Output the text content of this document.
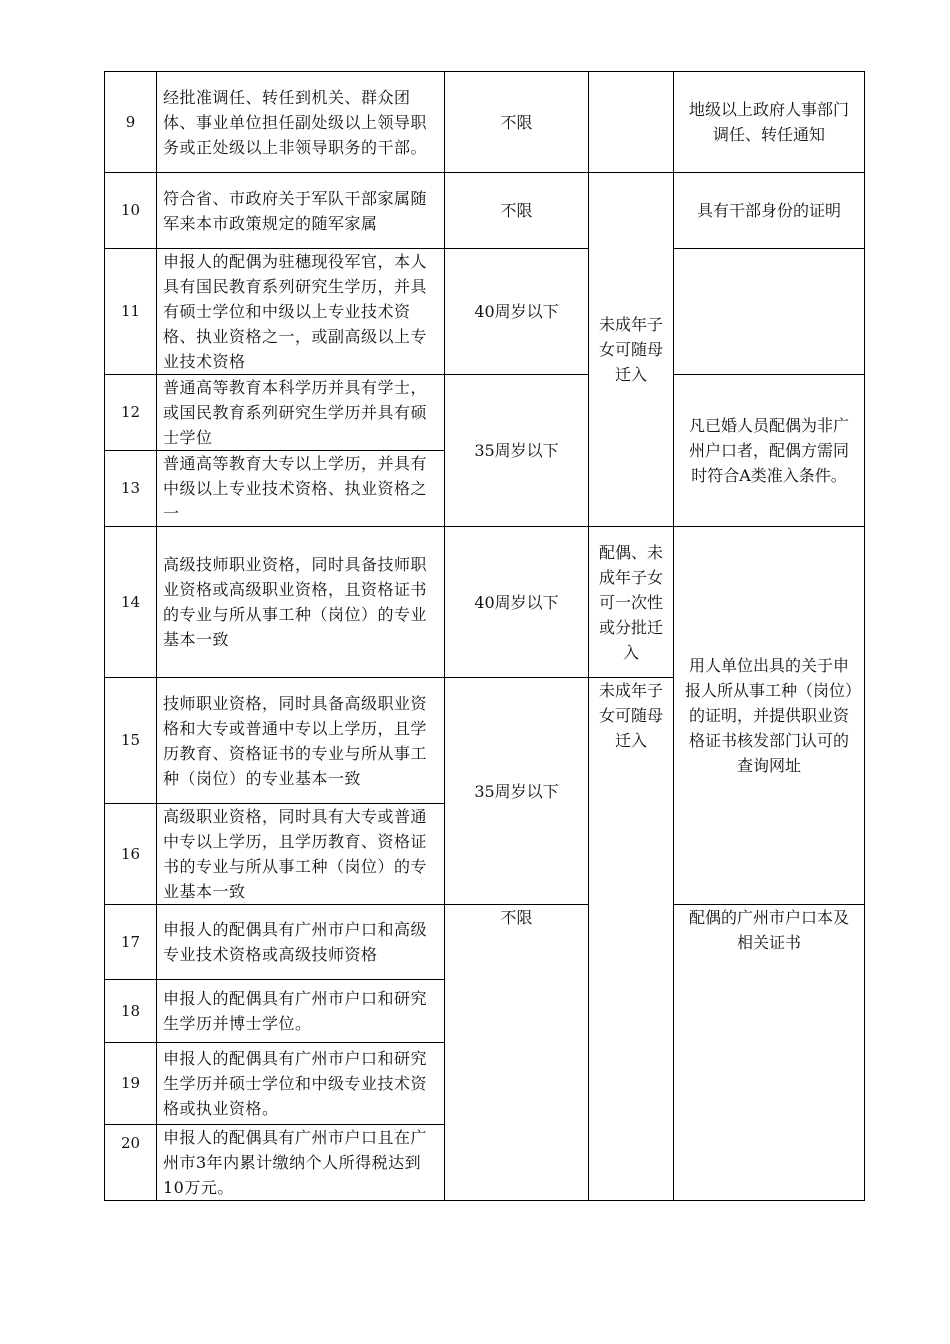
9	经批准调任、转任到机关、群众团体、事业单位担任副处级以上领导职务或正处级以上非领导职务的干部。	不限		地级以上政府人事部门调任、转任通知
10	符合省、市政府关于军队干部家属随军来本市政策规定的随军家属	不限	未成年子女可随母迁入	具有干部身份的证明
11	申报人的配偶为驻穗现役军官，本人具有国民教育系列研究生学历，并具有硕士学位和中级以上专业技术资格、执业资格之一，或副高级以上专业技术资格	40周岁以下		
12	普通高等教育本科学历并具有学士，或国民教育系列研究生学历并具有硕士学位	35周岁以下		凡已婚人员配偶为非广州户口者，配偶方需同时符合A类准入条件。
13	普通高等教育大专以上学历，并具有中级以上专业技术资格、执业资格之一			
14	高级技师职业资格，同时具备技师职业资格或高级职业资格，且资格证书的专业与所从事工种（岗位）的专业基本一致	40周岁以下	配偶、未成年子女可一次性或分批迁入	用人单位出具的关于申报人所从事工种（岗位）的证明，并提供职业资格证书核发部门认可的查询网址
15	技师职业资格，同时具备高级职业资格和大专或普通中专以上学历，且学历教育、资格证书的专业与所从事工种（岗位）的专业基本一致	35周岁以下	未成年子女可随母迁入	
16	高级职业资格，同时具有大专或普通中专以上学历，且学历教育、资格证书的专业与所从事工种（岗位）的专业基本一致			
17	申报人的配偶具有广州市户口和高级专业技术资格或高级技师资格	不限		配偶的广州市户口本及相关证书
18	申报人的配偶具有广州市户口和研究生学历并博士学位。			
19	申报人的配偶具有广州市户口和研究生学历并硕士学位和中级专业技术资格或执业资格。			
20	申报人的配偶具有广州市户口且在广州市3年内累计缴纳个人所得税达到10万元。			
